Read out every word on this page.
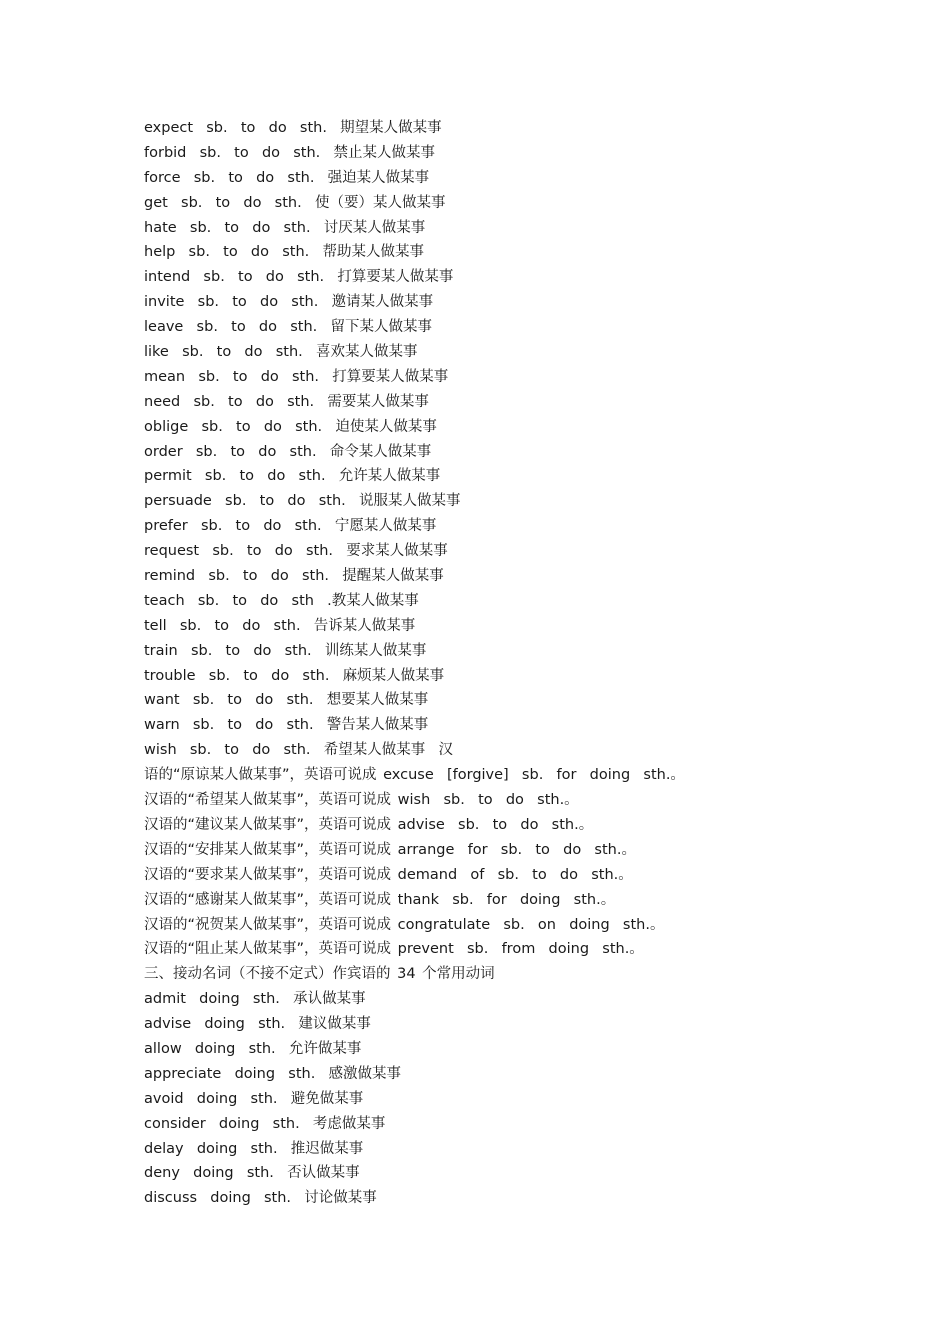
expect  sb.  to  do  sth.  期望某人做某事
forbid  sb.  to  do  sth.  禁止某人做某事
force  sb.  to  do  sth.  强迫某人做某事
get  sb.  to  do  sth.  使（要）某人做某事
hate  sb.  to  do  sth.  讨厌某人做某事
help  sb.  to  do  sth.  帮助某人做某事
intend  sb.  to  do  sth.  打算要某人做某事
invite  sb.  to  do  sth.  邀请某人做某事
leave  sb.  to  do  sth.  留下某人做某事
like  sb.  to  do  sth.  喜欢某人做某事
mean  sb.  to  do  sth.  打算要某人做某事
need  sb.  to  do  sth.  需要某人做某事
oblige  sb.  to  do  sth.  迫使某人做某事
order  sb.  to  do  sth.  命令某人做某事
permit  sb.  to  do  sth.  允许某人做某事
persuade  sb.  to  do  sth.  说服某人做某事
prefer  sb.  to  do  sth.  宁愿某人做某事
request  sb.  to  do  sth.  要求某人做某事
remind  sb.  to  do  sth.  提醒某人做某事
teach  sb.  to  do  sth  .教某人做某事
tell  sb.  to  do  sth.  告诉某人做某事
train  sb.  to  do  sth.  训练某人做某事
trouble  sb.  to  do  sth.  麻烦某人做某事
want  sb.  to  do  sth.  想要某人做某事
warn  sb.  to  do  sth.  警告某人做某事
wish  sb.  to  do  sth.  希望某人做某事  汉
语的“原谅某人做某事”，英语可说成 excuse  [forgive]  sb.  for  doing  sth.。
汉语的“希望某人做某事”，英语可说成 wish  sb.  to  do  sth.。
汉语的“建议某人做某事”，英语可说成 advise  sb.  to  do  sth.。
汉语的“安排某人做某事”，英语可说成 arrange  for  sb.  to  do  sth.。
汉语的“要求某人做某事”，英语可说成 demand  of  sb.  to  do  sth.。
汉语的“感谢某人做某事”，英语可说成 thank  sb.  for  doing  sth.。
汉语的“祝贺某人做某事”，英语可说成 congratulate  sb.  on  doing  sth.。
汉语的“阻止某人做某事”，英语可说成 prevent  sb.  from  doing  sth.。
三、接动名词（不接不定式）作宾语的 34 个常用动词
admit  doing  sth.  承认做某事
advise  doing  sth.  建议做某事
allow  doing  sth.  允许做某事
appreciate  doing  sth.  感激做某事
avoid  doing  sth.  避免做某事
consider  doing  sth.  考虑做某事
delay  doing  sth.  推迟做某事
deny  doing  sth.  否认做某事
discuss  doing  sth.  讨论做某事
